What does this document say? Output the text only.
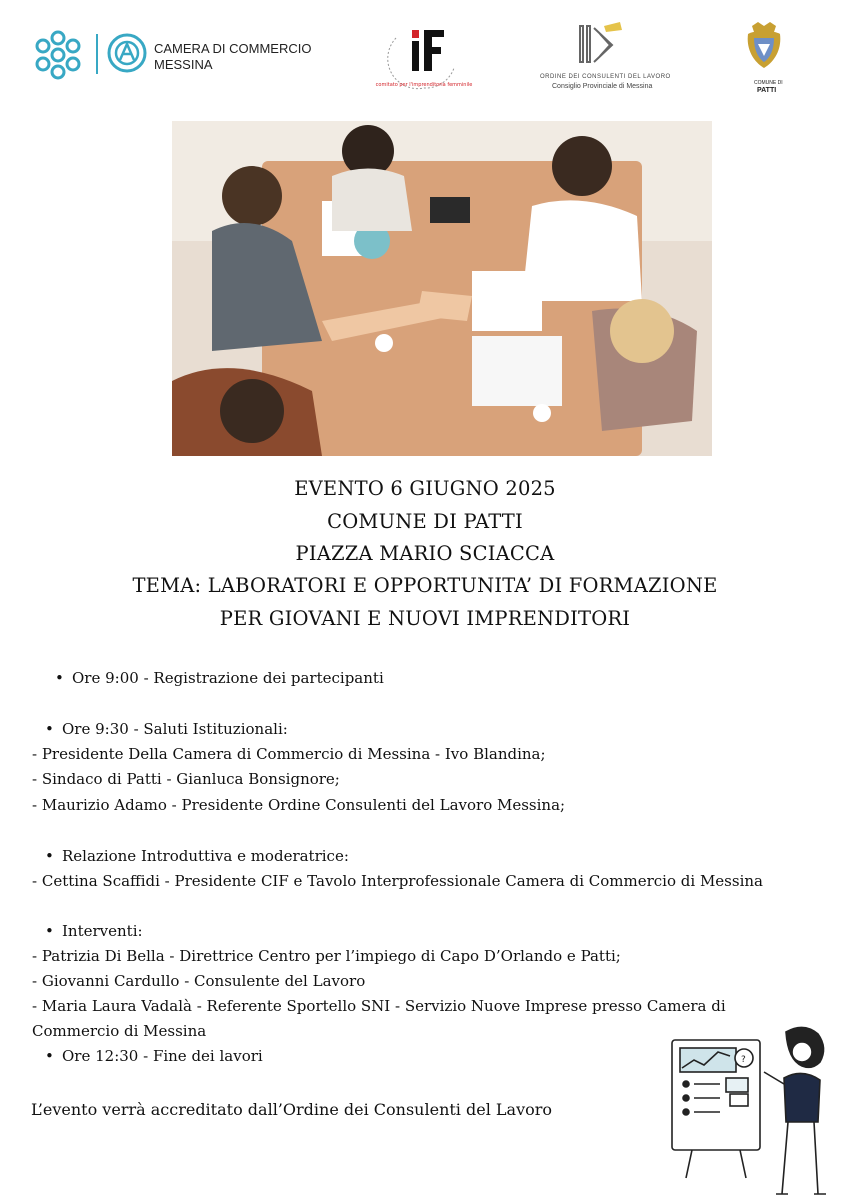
CAMERA DI COMMERCIO
MESSINA
comitato per l'imprenditoria femminile
ORDINE DEI CONSULENTI DEL LAVORO
Consiglio Provinciale di Messina	COMUNE DI
PATTI
EVENTO 6 GIUGNO 2025
COMUNE DI PATTI
PIAZZA MARIO SCIACCA
TEMA: LABORATORI E OPPORTUNITA’ DI FORMAZIONE
PER GIOVANI E NUOVI IMPRENDITORI
• Ore 9:00 - Registrazione dei partecipanti
• Ore 9:30 - Saluti Istituzionali:
- Presidente Della Camera di Commercio di Messina - Ivo Blandina;
- Sindaco di Patti - Gianluca Bonsignore;
- Maurizio Adamo - Presidente Ordine Consulenti del Lavoro Messina;
• Relazione Introduttiva e moderatrice:
- Cettina Scaffidi - Presidente CIF e Tavolo Interprofessionale Camera di Commercio di Messina
• Interventi:
- Patrizia Di Bella - Direttrice Centro per l’impiego di Capo D’Orlando e Patti;
- Giovanni Cardullo - Consulente del Lavoro
- Maria Laura Vadalà - Referente Sportello SNI - Servizio Nuove Imprese presso Camera di
Commercio di Messina
• Ore 12:30 - Fine dei lavori
L’evento verrà accreditato dall’Ordine dei Consulenti del Lavoro
?
